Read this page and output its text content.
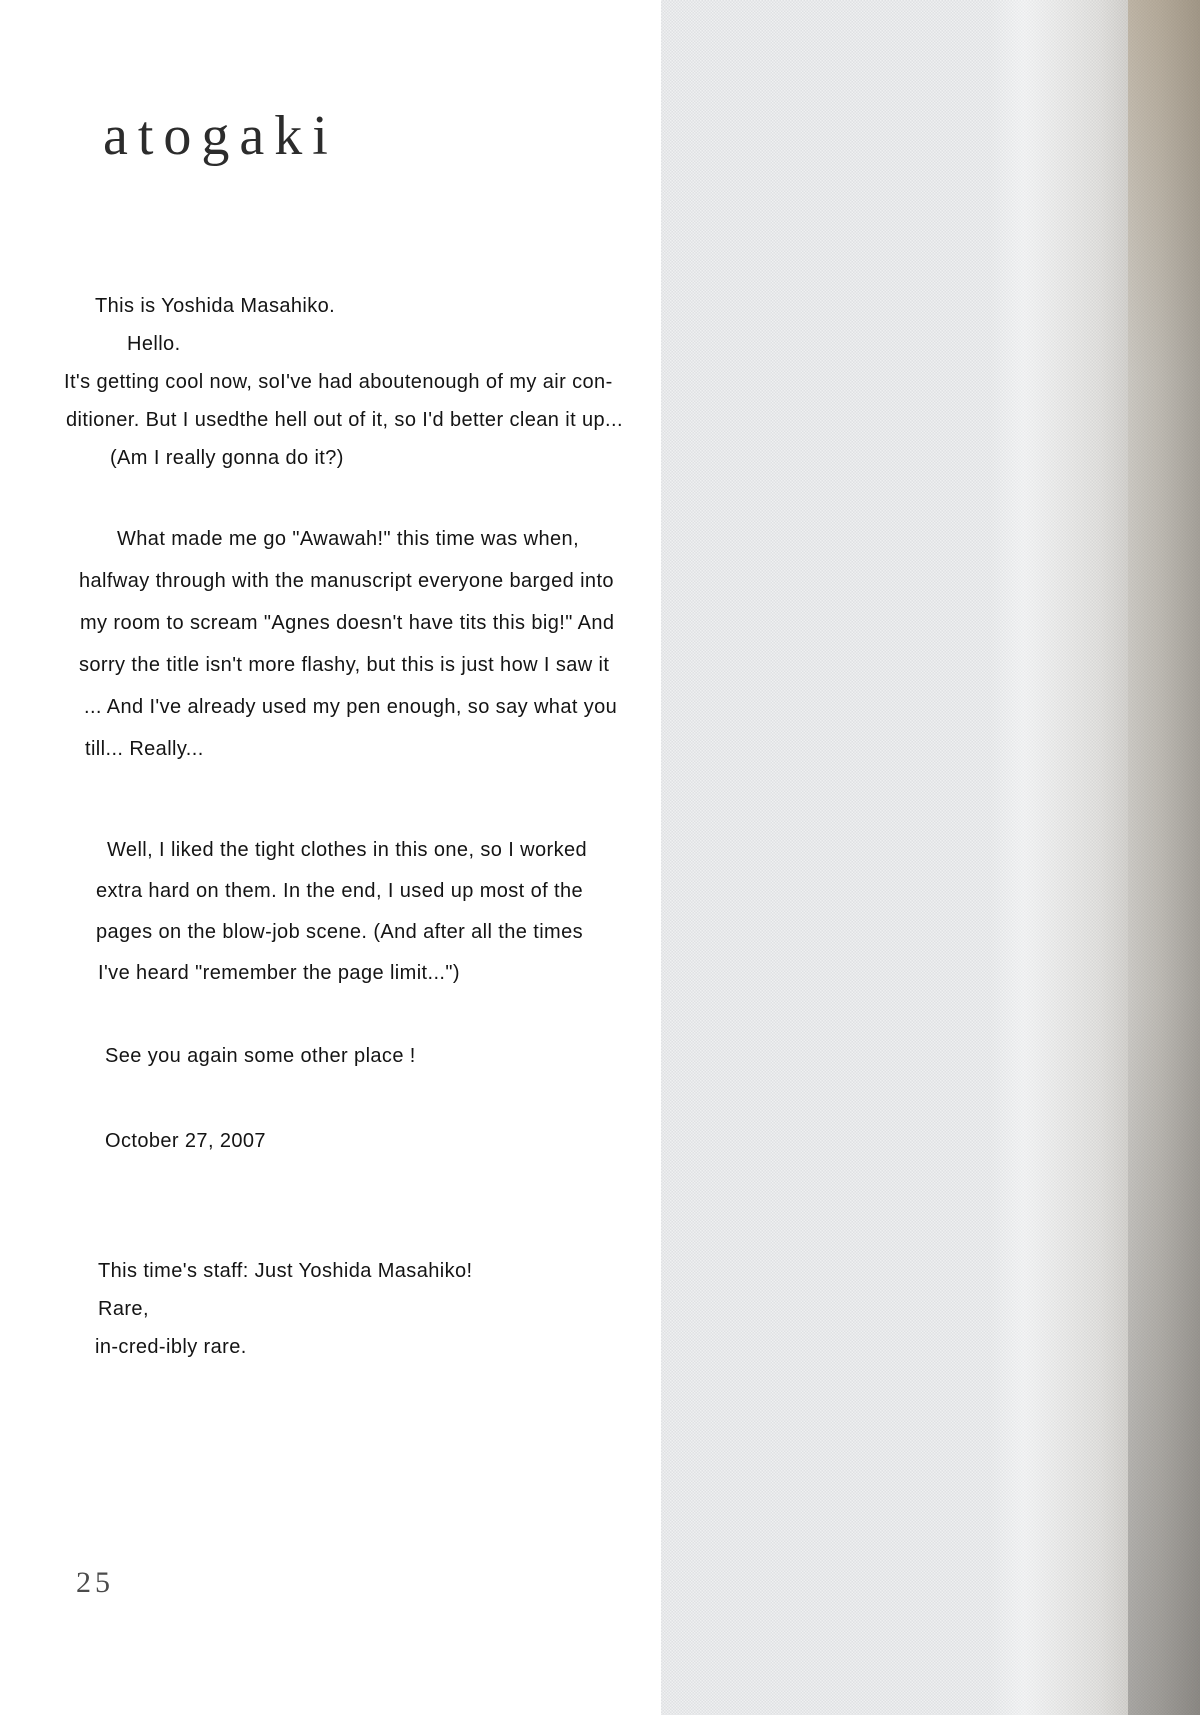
atogaki
This is Yoshida Masahiko.
Hello.
It's getting cool now, soI've had aboutenough of my air con-
ditioner. But I usedthe hell out of it, so I'd better clean it up...
(Am I really gonna do it?)
What made me go "Awawah!" this time was when,
halfway through with the manuscript everyone barged into
my room to scream "Agnes doesn't have tits this big!" And
sorry the title isn't more flashy, but this is just how I saw it
... And I've already used my pen enough, so say what you
till... Really...
Well, I liked the tight clothes in this one, so I worked
extra hard on them. In the end, I used up most of the
pages on the blow-job scene. (And after all the times
I've heard "remember the page limit...")
See you again some other place !
October 27, 2007
This time's staff: Just Yoshida Masahiko!
Rare,
in-cred-ibly rare.
25
